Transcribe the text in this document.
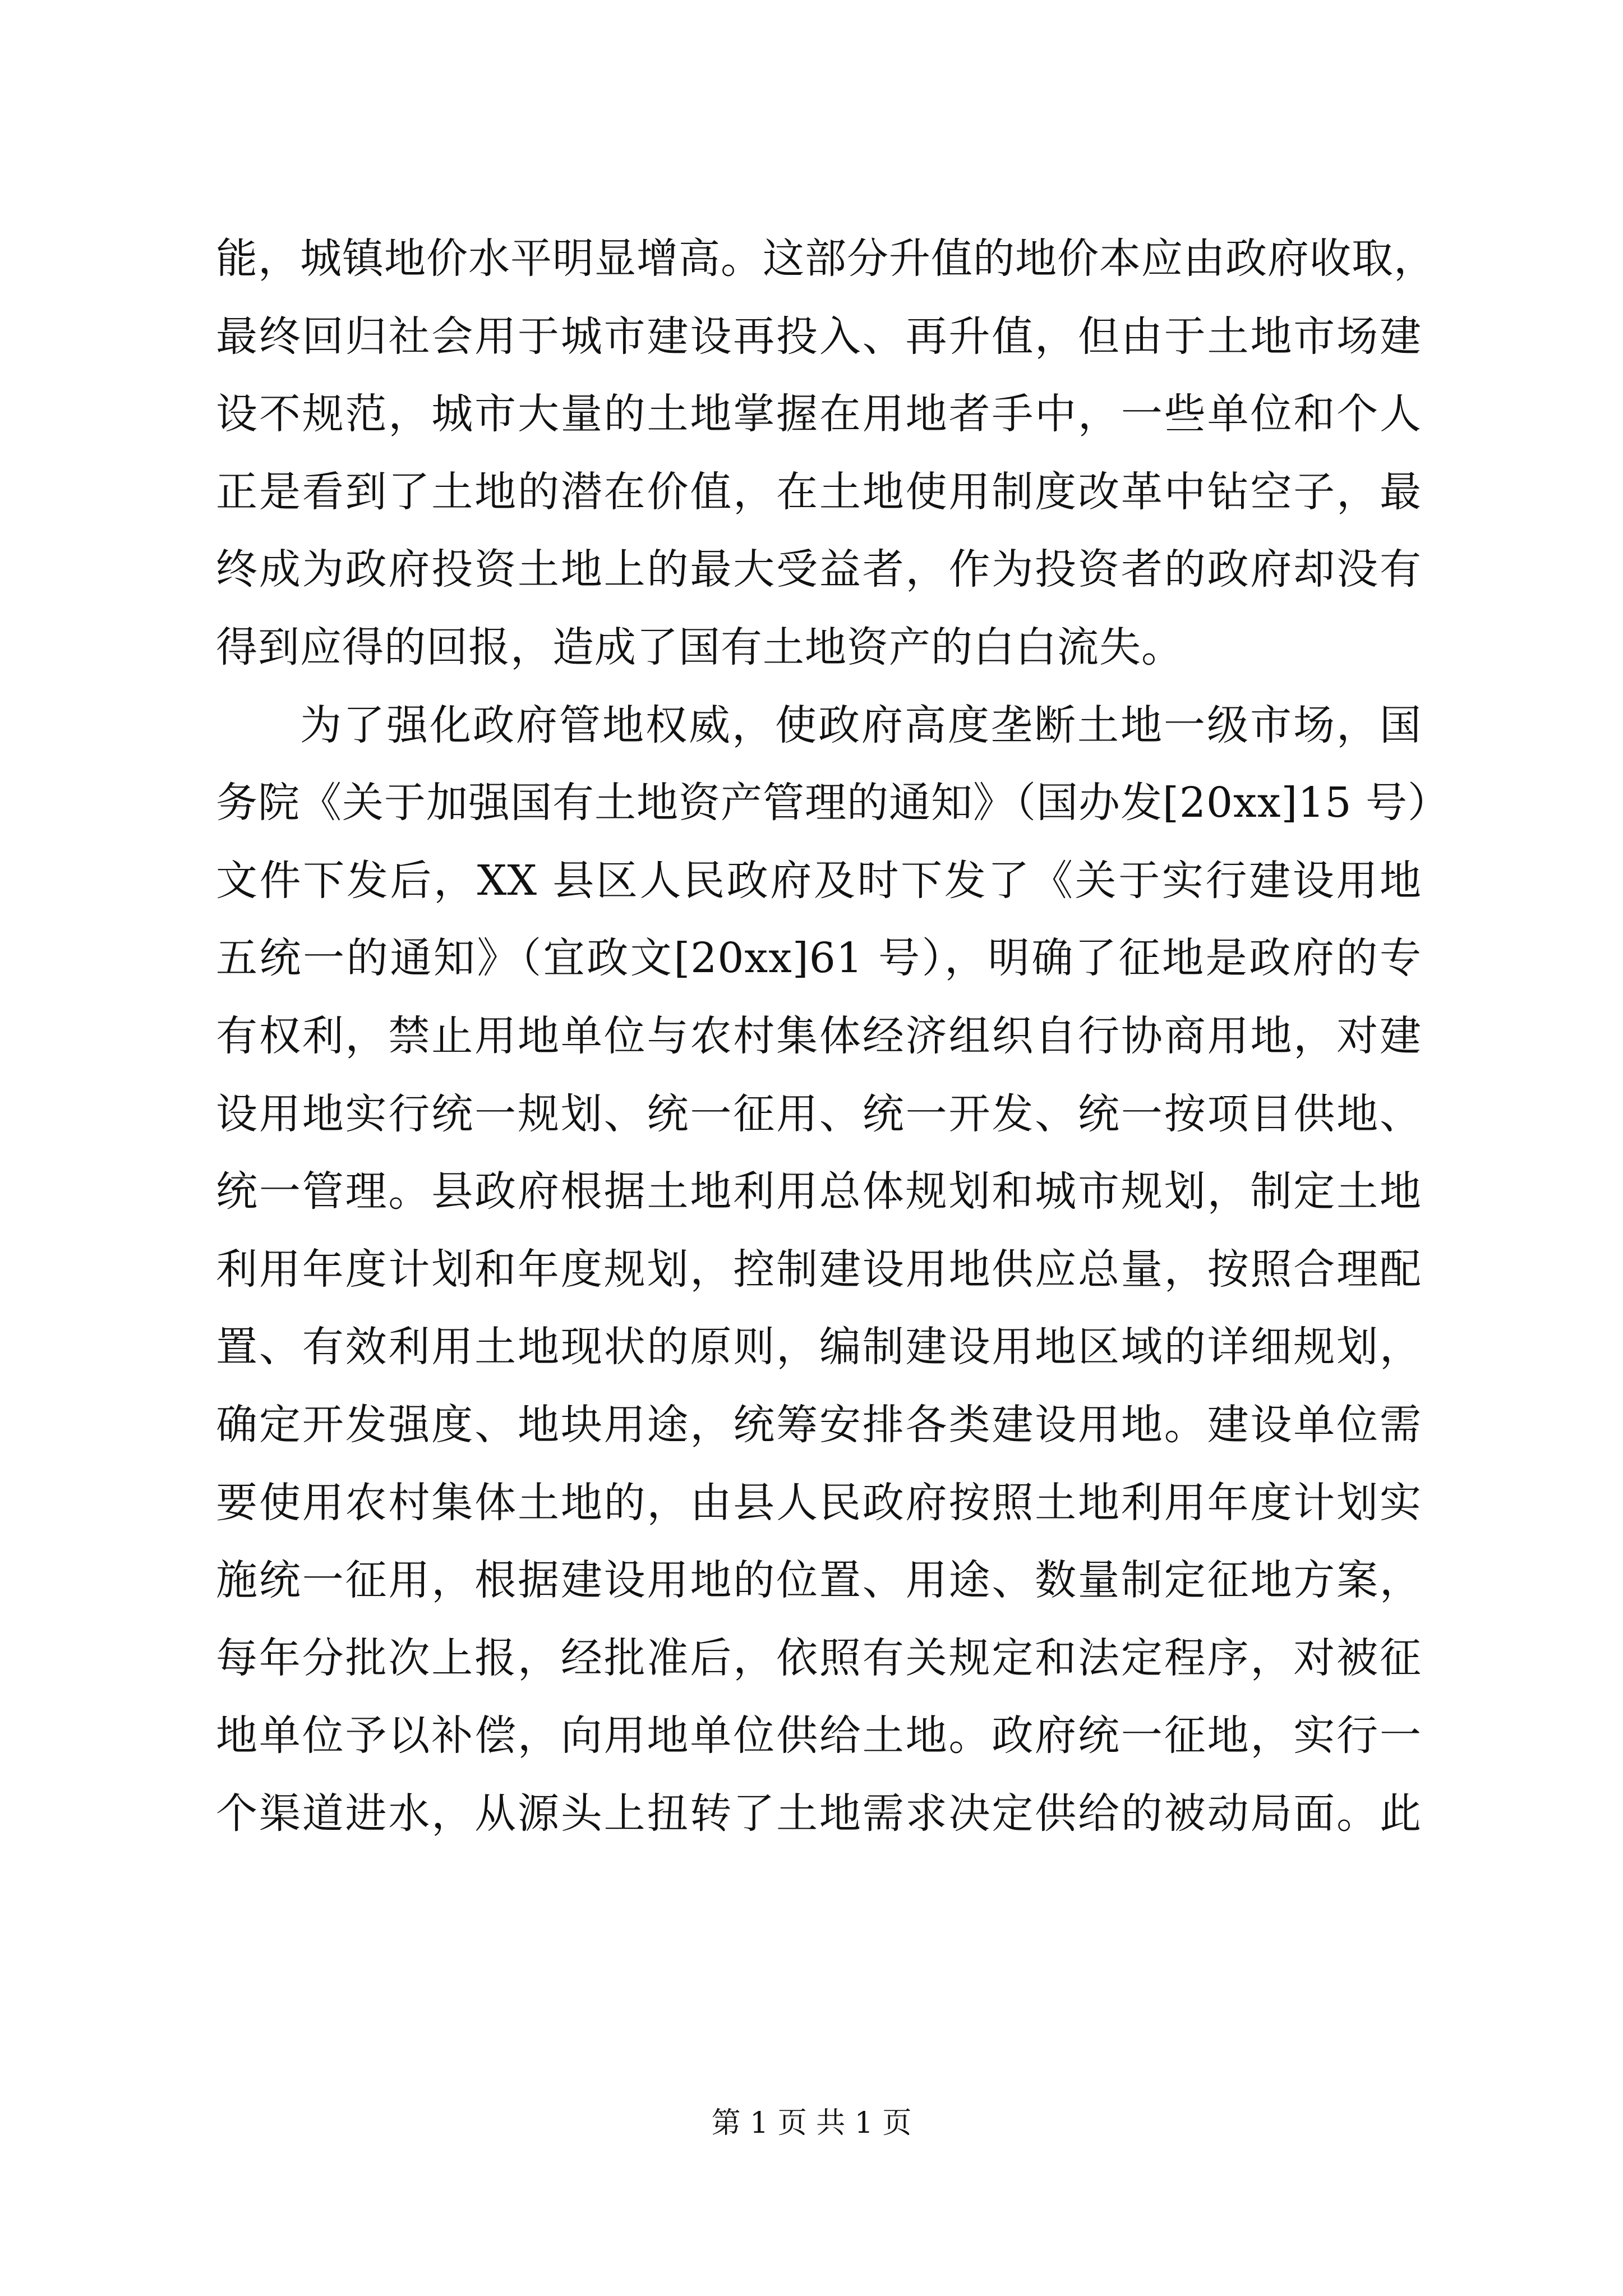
能，城镇地价水平明显增高。这部分升值的地价本应由政府收取，
最终回归社会用于城市建设再投入、再升值，但由于土地市场建
设不规范，城市大量的土地掌握在用地者手中，一些单位和个人
正是看到了土地的潜在价值，在土地使用制度改革中钻空子，最
终成为政府投资土地上的最大受益者，作为投资者的政府却没有
得到应得的回报，造成了国有土地资产的白白流失。
为了强化政府管地权威，使政府高度垄断土地一级市场，国
务院《关于加强国有土地资产管理的通知》（国办发[20xx]15 号）
文件下发后，XX 县区人民政府及时下发了《关于实行建设用地
五统一的通知》（宜政文[20xx]61 号），明确了征地是政府的专
有权利，禁止用地单位与农村集体经济组织自行协商用地，对建
设用地实行统一规划、统一征用、统一开发、统一按项目供地、
统一管理。县政府根据土地利用总体规划和城市规划，制定土地
利用年度计划和年度规划，控制建设用地供应总量，按照合理配
置、有效利用土地现状的原则，编制建设用地区域的详细规划，
确定开发强度、地块用途，统筹安排各类建设用地。建设单位需
要使用农村集体土地的，由县人民政府按照土地利用年度计划实
施统一征用，根据建设用地的位置、用途、数量制定征地方案，
每年分批次上报，经批准后，依照有关规定和法定程序，对被征
地单位予以补偿，向用地单位供给土地。政府统一征地，实行一
个渠道进水，从源头上扭转了土地需求决定供给的被动局面。此
第 1 页 共 1 页
